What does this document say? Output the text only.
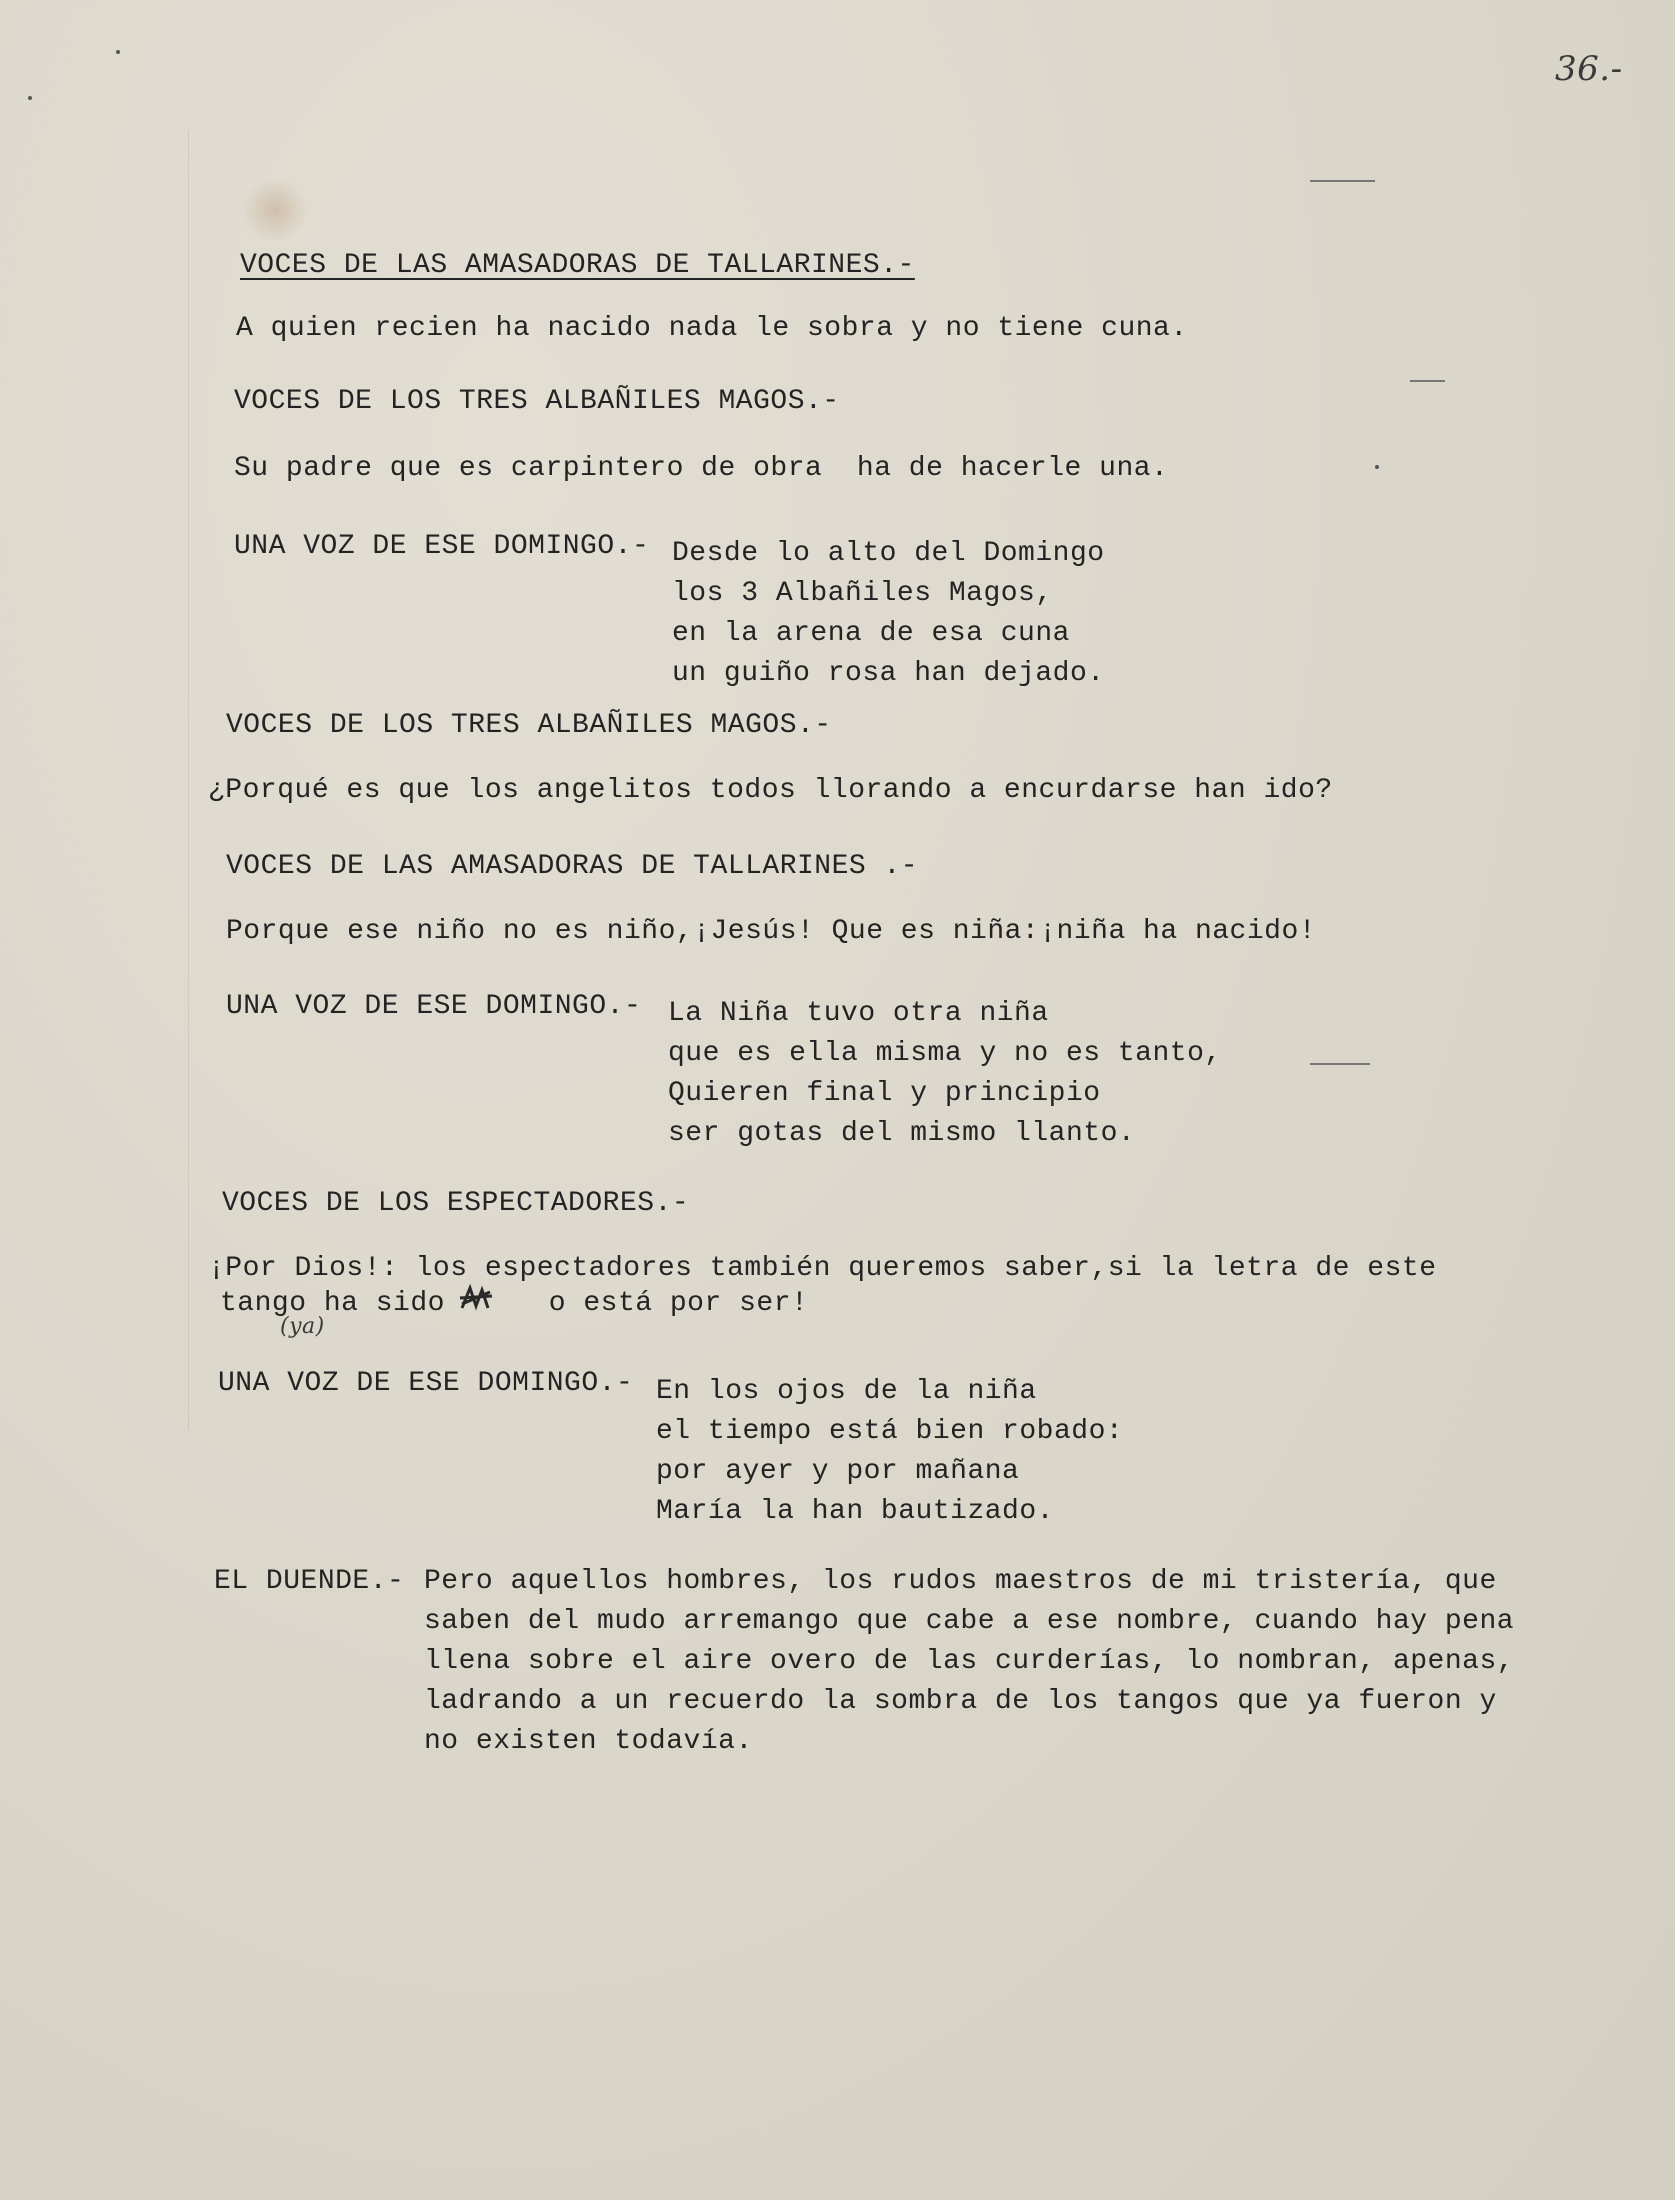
36.-
VOCES DE LAS AMASADORAS DE TALLARINES.-
A quien recien ha nacido nada le sobra y no tiene cuna.
VOCES DE LOS TRES ALBAÑILES MAGOS.-
Su padre que es carpintero de obra  ha de hacerle una.
UNA VOZ DE ESE DOMINGO.- Desde lo alto del Domingo
los 3 Albañiles Magos,
en la arena de esa cuna
un guiño rosa han dejado.
VOCES DE LOS TRES ALBAÑILES MAGOS.-
¿Porqué es que los angelitos todos llorando a encurdarse han ido?
VOCES DE LAS AMASADORAS DE TALLARINES .-
Porque ese niño no es niño,¡Jesús! Que es niña:¡niña ha nacido!
UNA VOZ DE ESE DOMINGO.- La Niña tuvo otra niña
que es ella misma y no es tanto,
Quieren final y principio
ser gotas del mismo llanto.
VOCES DE LOS ESPECTADORES.-
¡Por Dios!: los espectadores también queremos saber,si la letra de este
tango ha sido      o está por ser!
(ya)
UNA VOZ DE ESE DOMINGO.- En los ojos de la niña
el tiempo está bien robado:
por ayer y por mañana
María la han bautizado.
EL DUENDE.- Pero aquellos hombres, los rudos maestros de mi tristería, que
saben del mudo arremango que cabe a ese nombre, cuando hay pena
llena sobre el aire overo de las curderías, lo nombran, apenas,
ladrando a un recuerdo la sombra de los tangos que ya fueron y
no existen todavía.
